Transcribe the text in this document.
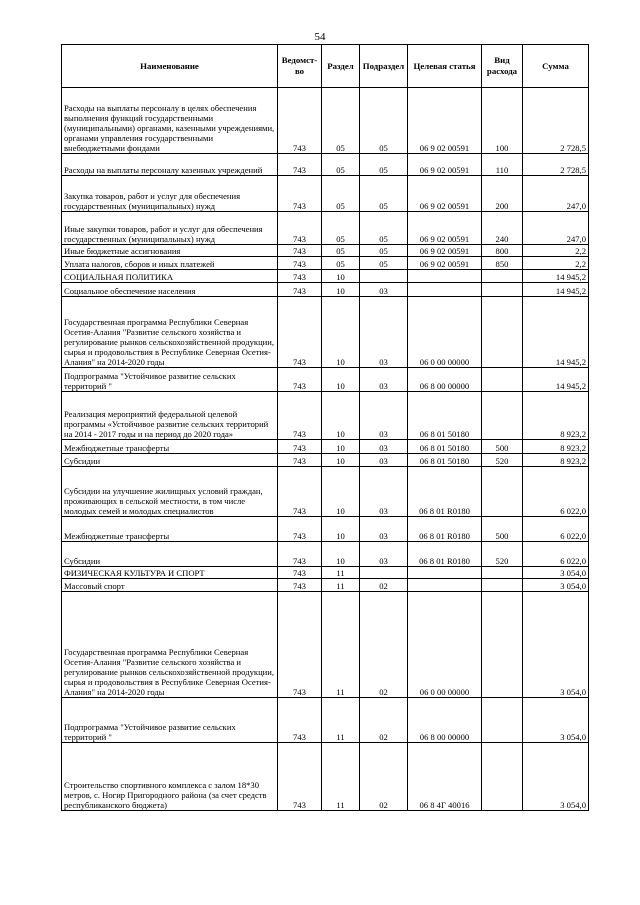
54
Наименование	Ведомст-во	Раздел	Подраздел	Целевая статья	Вид расхода	Сумма
Расходы на выплаты персоналу в целях обеспечения выполнения функций государственными (муниципальными) органами, казенными учреждениями, органами управления государственными внебюджетными фондами	743	05	05	06 9 02 00591	100	2 728,5
Расходы на выплаты персоналу казенных учреждений	743	05	05	06 9 02 00591	110	2 728,5
Закупка товаров, работ и услуг для обеспечения государственных (муниципальных) нужд	743	05	05	06 9 02 00591	200	247,0
Иные закупки товаров, работ и услуг для обеспечения государственных (муниципальных) нужд	743	05	05	06 9 02 00591	240	247,0
Иные бюджетные ассигнования	743	05	05	06 9 02 00591	800	2,2
Уплата налогов, сборов и иных платежей	743	05	05	06 9 02 00591	850	2,2
СОЦИАЛЬНАЯ ПОЛИТИКА	743	10				14 945,2
Социальное обеспечение населения	743	10	03			14 945,2
Государственная программа Республики Северная Осетия-Алания "Развитие сельского хозяйства и регулирование рынков сельскохозяйственной продукции, сырья и продовольствия в Республике Северная Осетия-Алания" на 2014-2020 годы	743	10	03	06 0 00 00000		14 945,2
Подпрограмма "Устойчивое развитие сельских территорий "	743	10	03	06 8 00 00000		14 945,2
Реализация мероприятий федеральной целевой программы «Устойчивое развитие сельских территорий на 2014 - 2017 годы и на период до 2020 года»	743	10	03	06 8 01 50180		8 923,2
Межбюджетные трансферты	743	10	03	06 8 01 50180	500	8 923,2
Субсидии	743	10	03	06 8 01 50180	520	8 923,2
Субсидии на улучшение жилищных условий граждан, проживающих в сельской местности, в том числе молодых семей и молодых специалистов	743	10	03	06 8 01 R0180		6 022,0
Межбюджетные трансферты	743	10	03	06 8 01 R0180	500	6 022,0
Субсидии	743	10	03	06 8 01 R0180	520	6 022,0
ФИЗИЧЕСКАЯ КУЛЬТУРА И СПОРТ	743	11				3 054,0
Массовый спорт	743	11	02			3 054,0
Государственная программа Республики Северная Осетия-Алания "Развитие сельского хозяйства и регулирование рынков сельскохозяйственной продукции, сырья и продовольствия в Республике Северная Осетия-Алания" на 2014-2020 годы	743	11	02	06 0 00 00000		3 054,0
Подпрограмма "Устойчивое развитие сельских территорий "	743	11	02	06 8 00 00000		3 054,0
Строительство спортивного комплекса с залом 18*30 метров, с. Ногир Пригородного района (за счет средств республиканского бюджета)	743	11	02	06 8 4Г 40016		3 054,0
